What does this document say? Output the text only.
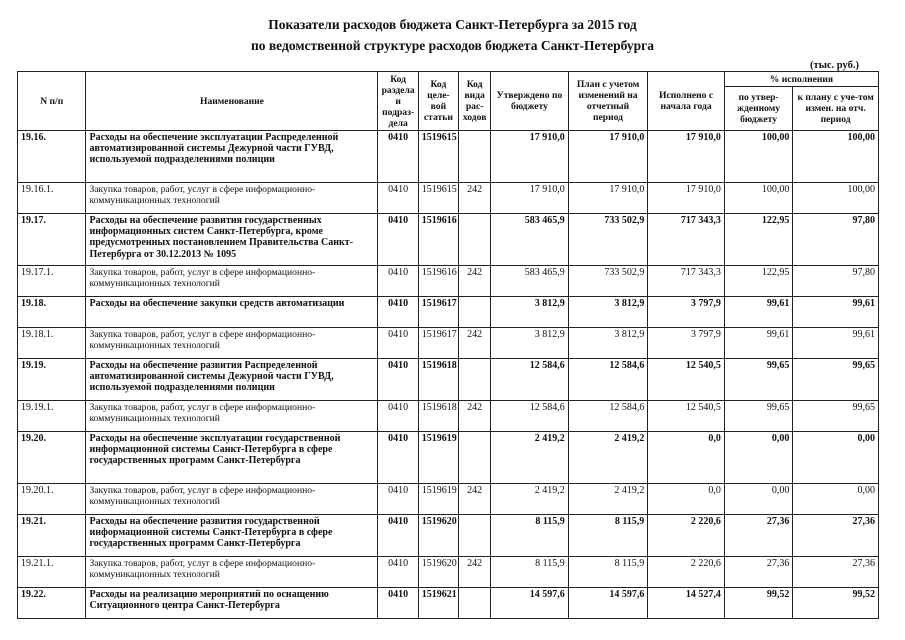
Показатели расходов бюджета Санкт-Петербурга за 2015 год
по ведомственной структуре расходов бюджета Санкт-Петербурга
(тыс. руб.)
N п/п	Наименование	Код раздела и подраз-дела	Код целе-вой статьи	Код вида рас-ходов	Утверждено по бюджету	План с учетом изменений на отчетный период	Исполнено с начала года	% исполнения	
								по утвер-жденному бюджету	к плану с уче-том измен. на отч. период
19.16.	Расходы на обеспечение эксплуатации Распределенной автоматизированной системы Дежурной части ГУВД, используемой подразделениями полиции	0410	1519615		17 910,0	17 910,0	17 910,0	100,00	100,00
19.16.1.	Закупка товаров, работ, услуг в сфере информационно-коммуникационных технологий	0410	1519615	242	17 910,0	17 910,0	17 910,0	100,00	100,00
19.17.	Расходы на обеспечение развития государственных информационных систем Санкт-Петербурга, кроме предусмотренных постановлением Правительства Санкт-Петербурга от 30.12.2013 № 1095	0410	1519616		583 465,9	733 502,9	717 343,3	122,95	97,80
19.17.1.	Закупка товаров, работ, услуг в сфере информационно-коммуникационных технологий	0410	1519616	242	583 465,9	733 502,9	717 343,3	122,95	97,80
19.18.	Расходы на обеспечение закупки средств автоматизации	0410	1519617		3 812,9	3 812,9	3 797,9	99,61	99,61
19.18.1.	Закупка товаров, работ, услуг в сфере информационно-коммуникационных технологий	0410	1519617	242	3 812,9	3 812,9	3 797,9	99,61	99,61
19.19.	Расходы на обеспечение развития Распределенной автоматизированной системы Дежурной части ГУВД, используемой подразделениями полиции	0410	1519618		12 584,6	12 584,6	12 540,5	99,65	99,65
19.19.1.	Закупка товаров, работ, услуг в сфере информационно-коммуникационных технологий	0410	1519618	242	12 584,6	12 584,6	12 540,5	99,65	99,65
19.20.	Расходы на обеспечение эксплуатации государственной информационной системы Санкт-Петербурга в сфере государственных программ Санкт-Петербурга	0410	1519619		2 419,2	2 419,2	0,0	0,00	0,00
19.20.1.	Закупка товаров, работ, услуг в сфере информационно-коммуникационных технологий	0410	1519619	242	2 419,2	2 419,2	0,0	0,00	0,00
19.21.	Расходы на обеспечение развития государственной информационной системы Санкт-Петербурга в сфере государственных программ Санкт-Петербурга	0410	1519620		8 115,9	8 115,9	2 220,6	27,36	27,36
19.21.1.	Закупка товаров, работ, услуг в сфере информационно-коммуникационных технологий	0410	1519620	242	8 115,9	8 115,9	2 220,6	27,36	27,36
19.22.	Расходы на реализацию мероприятий по оснащению Ситуационного центра Санкт-Петербурга	0410	1519621		14 597,6	14 597,6	14 527,4	99,52	99,52
